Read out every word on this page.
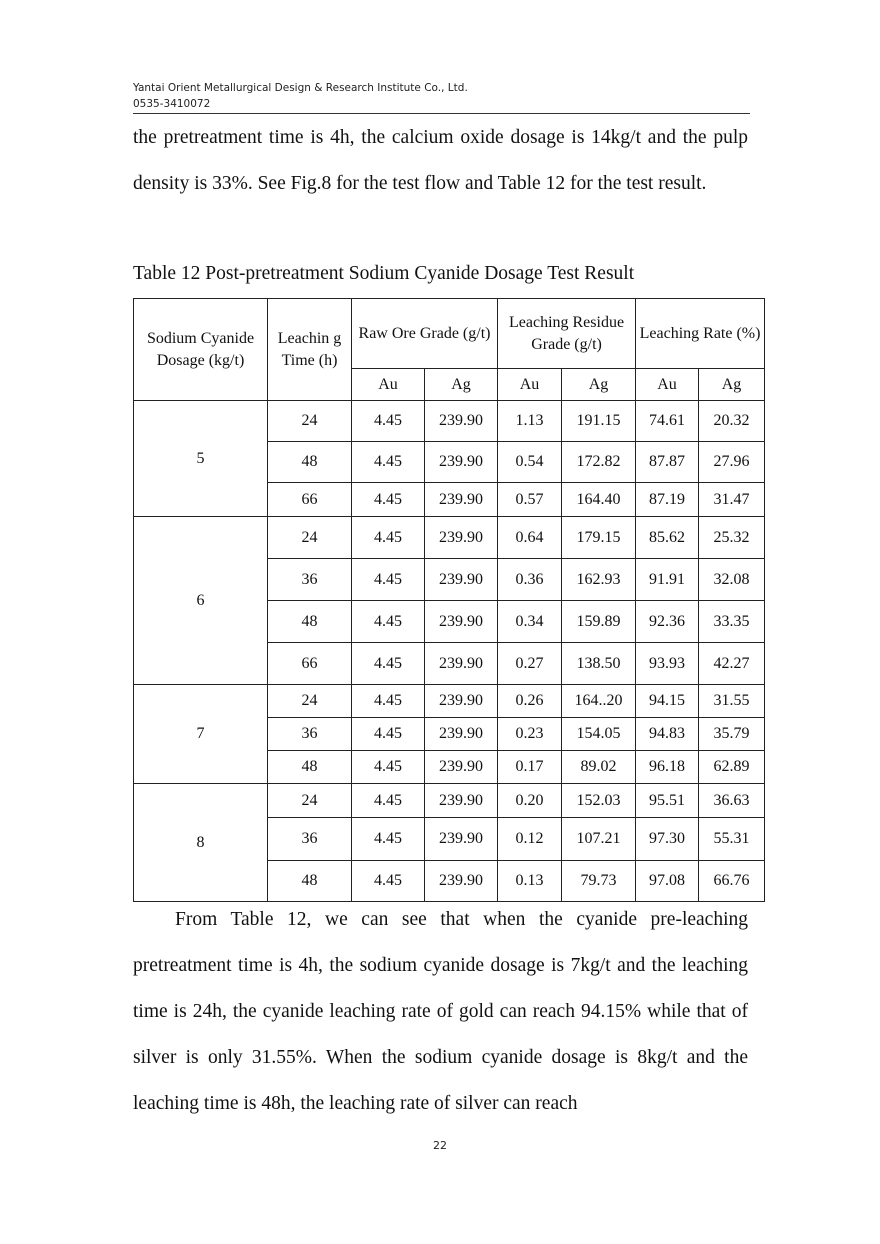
Yantai Orient Metallurgical Design & Research Institute Co., Ltd.
0535-3410072

the pretreatment time is 4h, the calcium oxide dosage is 14kg/t and the pulp density is 33%. See Fig.8 for the test flow and Table 12 for the test result.

Table 12 Post-pretreatment Sodium Cyanide Dosage Test Result

Sodium Cyanide Dosage (kg/t)	Leachin g Time (h)	Raw Ore Grade (g/t)		Leaching Residue Grade (g/t)		Leaching Rate (%)	
		Au	Ag	Au	Ag	Au	Ag
5	24	4.45	239.90	1.13	191.15	74.61	20.32
	48	4.45	239.90	0.54	172.82	87.87	27.96
	66	4.45	239.90	0.57	164.40	87.19	31.47
6	24	4.45	239.90	0.64	179.15	85.62	25.32
	36	4.45	239.90	0.36	162.93	91.91	32.08
	48	4.45	239.90	0.34	159.89	92.36	33.35
	66	4.45	239.90	0.27	138.50	93.93	42.27
7	24	4.45	239.90	0.26	164..20	94.15	31.55
	36	4.45	239.90	0.23	154.05	94.83	35.79
	48	4.45	239.90	0.17	89.02	96.18	62.89
8	24	4.45	239.90	0.20	152.03	95.51	36.63
	36	4.45	239.90	0.12	107.21	97.30	55.31
	48	4.45	239.90	0.13	79.73	97.08	66.76

From Table 12, we can see that when the cyanide pre-leaching pretreatment time is 4h, the sodium cyanide dosage is 7kg/t and the leaching time is 24h, the cyanide leaching rate of gold can reach 94.15% while that of silver is only 31.55%. When the sodium cyanide dosage is 8kg/t and the leaching time is 48h, the leaching rate of silver can reach

22
